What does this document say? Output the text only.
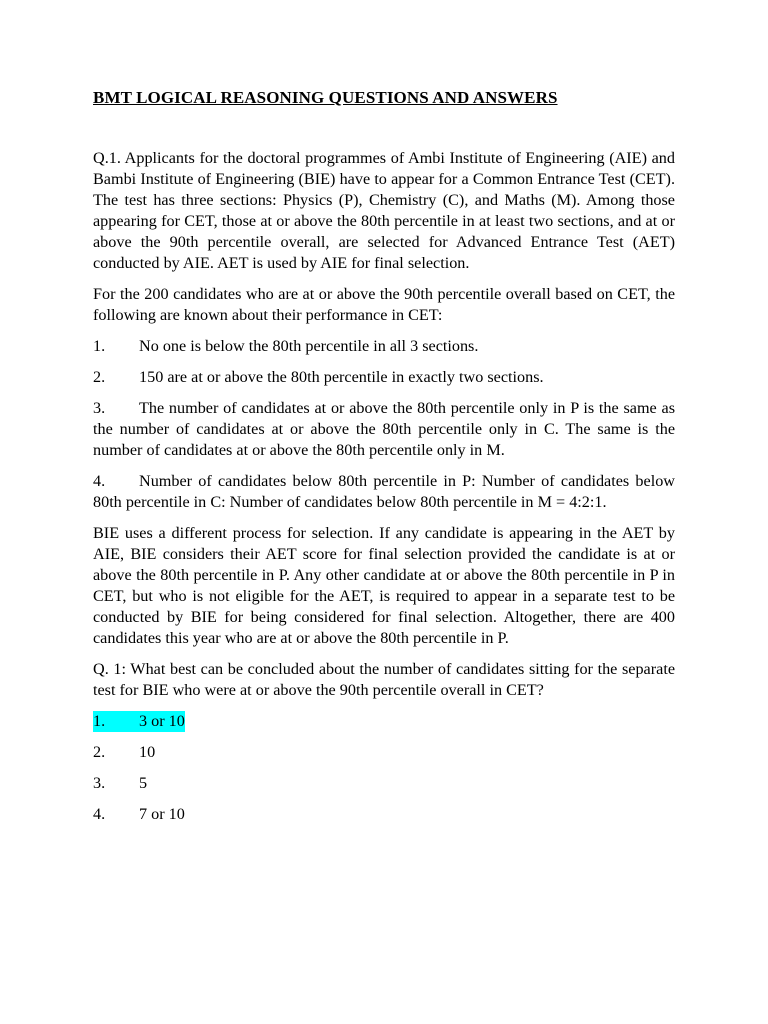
BMT LOGICAL REASONING QUESTIONS AND ANSWERS

Q.1. Applicants for the doctoral programmes of Ambi Institute of Engineering (AIE) and Bambi Institute of Engineering (BIE) have to appear for a Common Entrance Test (CET). The test has three sections: Physics (P), Chemistry (C), and Maths (M). Among those appearing for CET, those at or above the 80th percentile in at least two sections, and at or above the 90th percentile overall, are selected for Advanced Entrance Test (AET) conducted by AIE. AET is used by AIE for final selection.

For the 200 candidates who are at or above the 90th percentile overall based on CET, the following are known about their performance in CET:

1. No one is below the 80th percentile in all 3 sections.

2. 150 are at or above the 80th percentile in exactly two sections.

3. The number of candidates at or above the 80th percentile only in P is the same as the number of candidates at or above the 80th percentile only in C. The same is the number of candidates at or above the 80th percentile only in M.

4. Number of candidates below 80th percentile in P: Number of candidates below 80th percentile in C: Number of candidates below 80th percentile in M = 4:2:1.

BIE uses a different process for selection. If any candidate is appearing in the AET by AIE, BIE considers their AET score for final selection provided the candidate is at or above the 80th percentile in P. Any other candidate at or above the 80th percentile in P in CET, but who is not eligible for the AET, is required to appear in a separate test to be conducted by BIE for being considered for final selection. Altogether, there are 400 candidates this year who are at or above the 80th percentile in P.

Q. 1: What best can be concluded about the number of candidates sitting for the separate test for BIE who were at or above the 90th percentile overall in CET?

1. 3 or 10

2. 10

3. 5

4. 7 or 10
